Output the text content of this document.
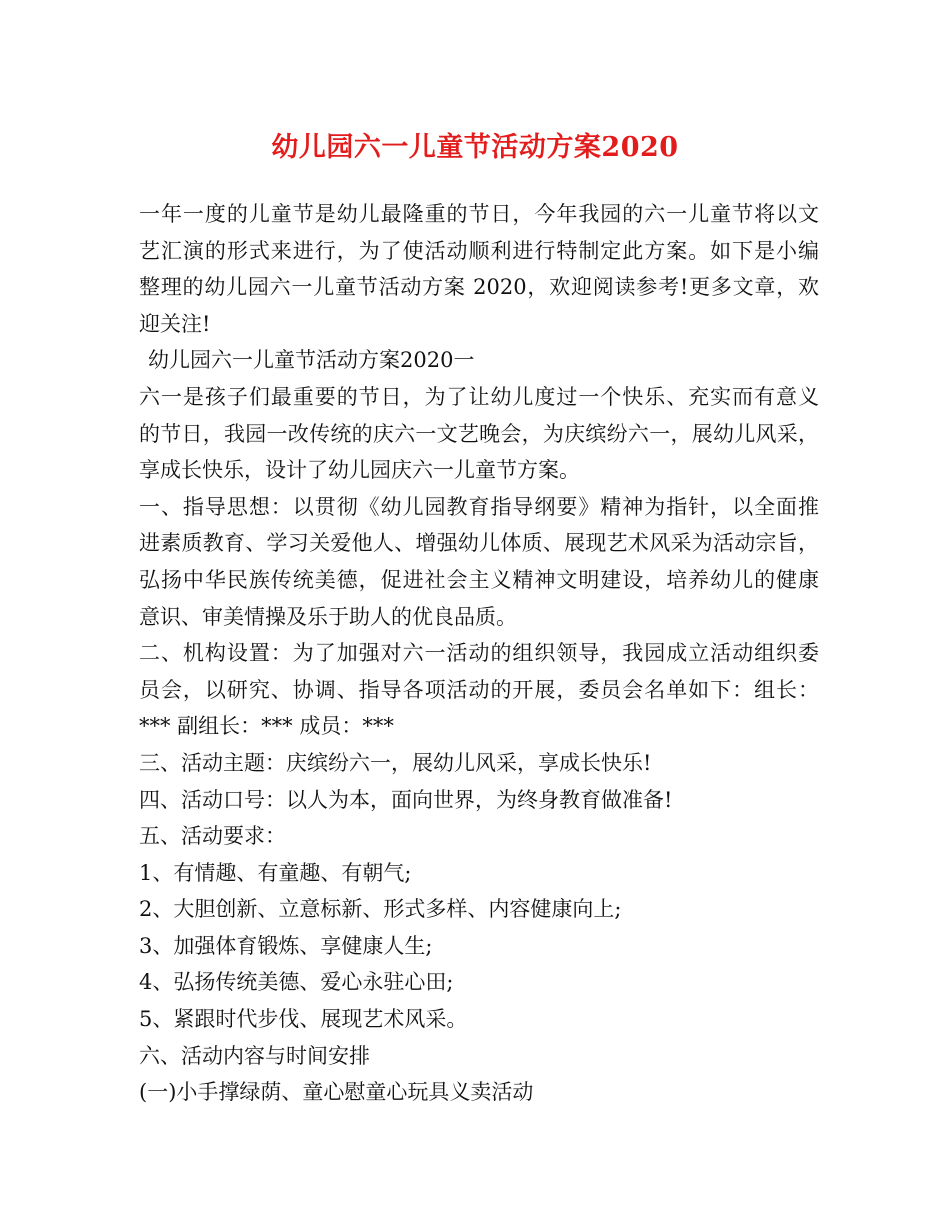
幼儿园六一儿童节活动方案2020
一年一度的儿童节是幼儿最隆重的节日，今年我园的六一儿童节将以文
艺汇演的形式来进行，为了使活动顺利进行特制定此方案。如下是小编
整理的幼儿园六一儿童节活动方案 2020，欢迎阅读参考!更多文章，欢
迎关注!
幼儿园六一儿童节活动方案2020一
六一是孩子们最重要的节日，为了让幼儿度过一个快乐、充实而有意义
的节日，我园一改传统的庆六一文艺晚会，为庆缤纷六一，展幼儿风采，
享成长快乐，设计了幼儿园庆六一儿童节方案。
一、指导思想：以贯彻《幼儿园教育指导纲要》精神为指针，以全面推
进素质教育、学习关爱他人、增强幼儿体质、展现艺术风采为活动宗旨，
弘扬中华民族传统美德，促进社会主义精神文明建设，培养幼儿的健康
意识、审美情操及乐于助人的优良品质。
二、机构设置：为了加强对六一活动的组织领导，我园成立活动组织委
员会，以研究、协调、指导各项活动的开展，委员会名单如下：组长：
*** 副组长：*** 成员：***
三、活动主题：庆缤纷六一，展幼儿风采，享成长快乐!
四、活动口号：以人为本，面向世界，为终身教育做准备!
五、活动要求：
1、有情趣、有童趣、有朝气;
2、大胆创新、立意标新、形式多样、内容健康向上;
3、加强体育锻炼、享健康人生;
4、弘扬传统美德、爱心永驻心田;
5、紧跟时代步伐、展现艺术风采。
六、活动内容与时间安排
(一)小手撑绿荫、童心慰童心玩具义卖活动
